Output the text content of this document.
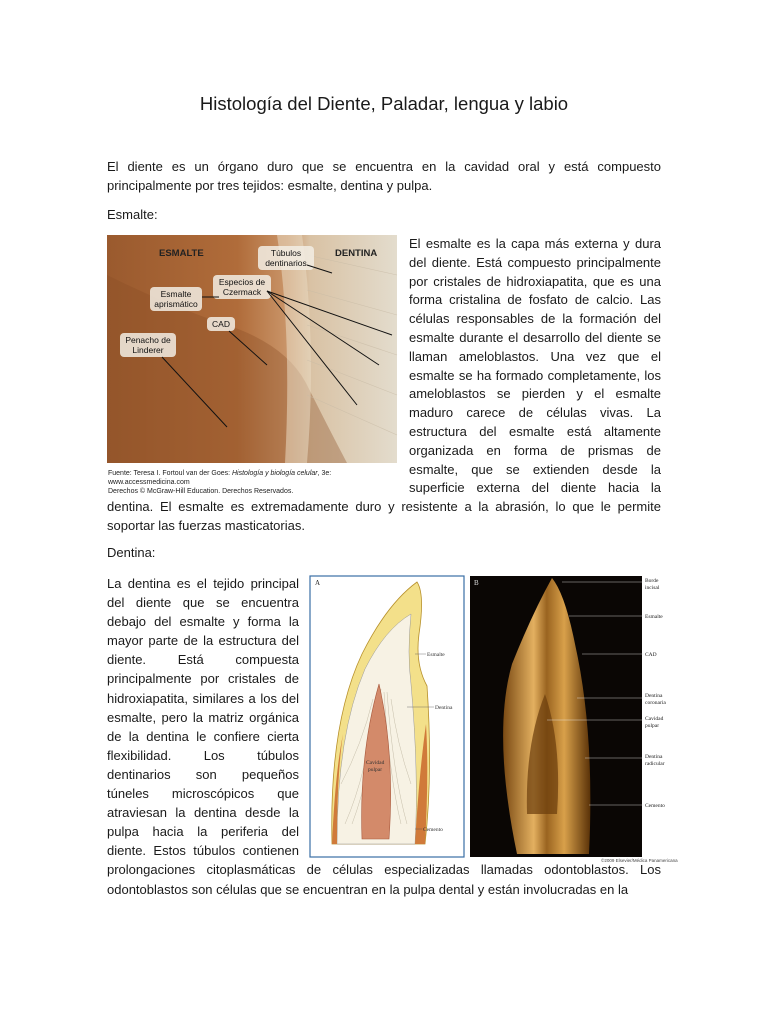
Histología del Diente, Paladar, lengua y labio

El diente es un órgano duro que se encuentra en la cavidad oral y está compuesto principalmente por tres tejidos: esmalte, dentina y pulpa.

Esmalte:

ESMALTE	DENTINA
Túbulos
dentinarios
Especios de
Czermack
Esmalte
aprismático
CAD
Penacho de
Linderer
Fuente: Teresa I. Fortoul van der Goes: Histología y biología celular, 3e:
www.accessmedicina.com
Derechos © McGraw-Hill Education. Derechos Reservados.
El esmalte es la capa más externa y dura del diente. Está compuesto principalmente por cristales de hidroxiapatita, que es una forma cristalina de fosfato de calcio. Las células responsables de la formación del esmalte durante el desarrollo del diente se llaman ameloblastos. Una vez que el esmalte se ha formado completamente, los ameloblastos se pierden y el esmalte maduro carece de células vivas. La estructura del esmalte está altamente organizada en forma de prismas de esmalte, que se extienden desde la superficie externa del diente hacia la dentina. El esmalte es extremadamente duro y resistente a la abrasión, lo que le permite soportar las fuerzas masticatorias.

Dentina:

A
Esmalte
Dentina
Cavidad
pulpar
Cemento
B	Borde
incisal
Esmalte
CAD
Dentina
coronaria
Cavidad
pulpar
Dentina
radicular
Cemento
©2009 Elsevier/Médica Panamericana
La dentina es el tejido principal del diente que se encuentra debajo del esmalte y forma la mayor parte de la estructura del diente. Está compuesta principalmente por cristales de hidroxiapatita, similares a los del esmalte, pero la matriz orgánica de la dentina le confiere cierta flexibilidad. Los túbulos dentinarios son pequeños túneles microscópicos que atraviesan la dentina desde la pulpa hacia la periferia del diente. Estos túbulos contienen prolongaciones citoplasmáticas de células especializadas llamadas odontoblastos. Los odontoblastos son células que se encuentran en la pulpa dental y están involucradas en la
